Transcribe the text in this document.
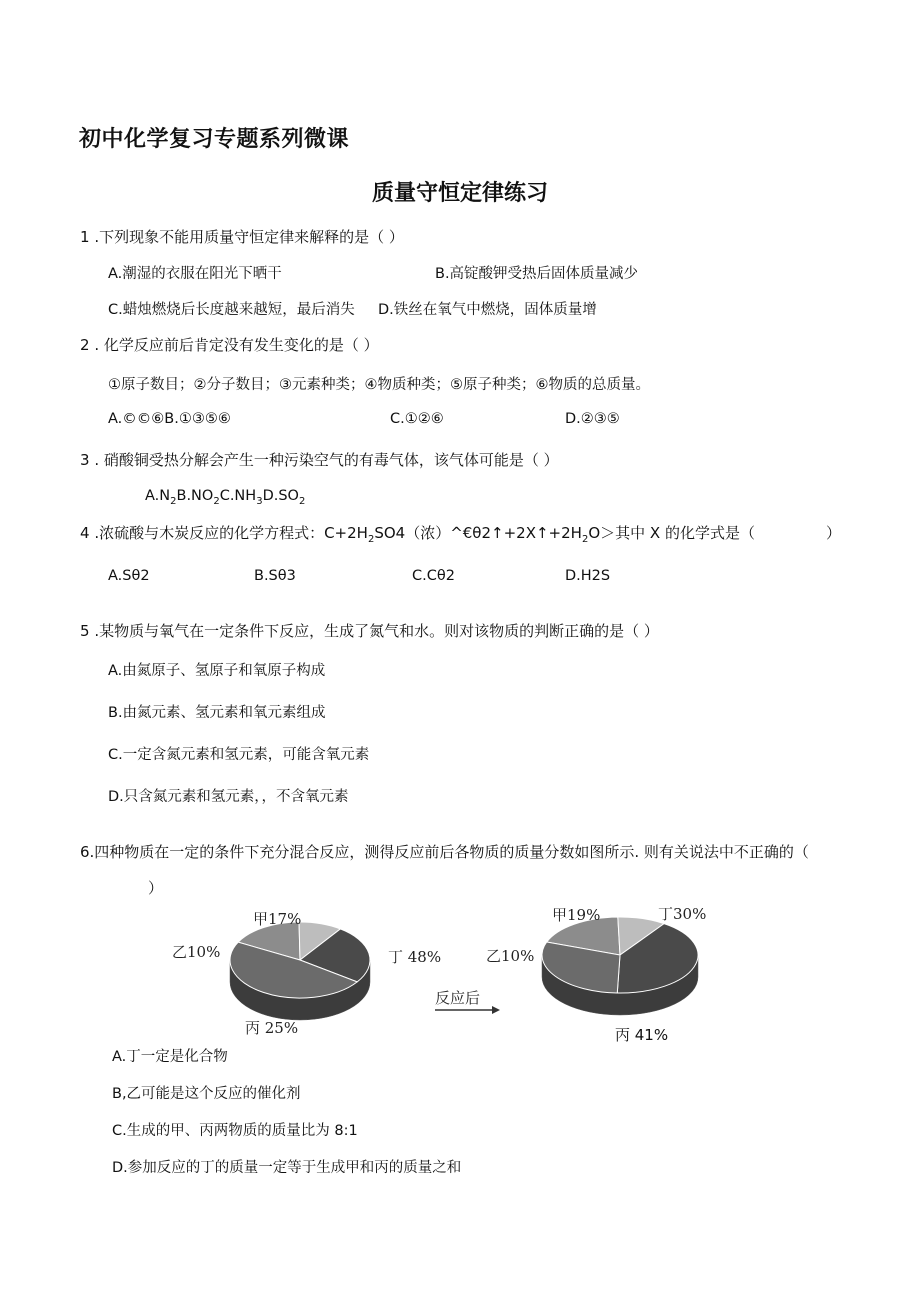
初中化学复习专题系列微课
质量守恒定律练习
1 .下列现象不能用质量守恒定律来解释的是（ ）
A.潮湿的衣服在阳光下晒干	B.高锭酸钾受热后固体质量减少
C.蜡烛燃烧后长度越来越短，最后消失 D.铁丝在氧气中燃烧，固体质量增
2 . 化学反应前后肯定没有发生变化的是（ ）
①原子数目；②分子数目；③元素种类；④物质种类；⑤原子种类；⑥物质的总质量。
A.©©⑥B.①③⑤⑥	C.①②⑥	D.②③⑤
3 . 硝酸铜受热分解会产生一种污染空气的有毒气体，该气体可能是（ ）
$A.N_2B.NO_2C.NH_3D.SO_2$
4 .浓硫酸与木炭反应的化学方程式：$C+2H_2SO4$（浓）$\^{}€\theta 2↑+2X↑+2H_2O>$其中 X 的化学式是（	）
A.Sθ2	B.Sθ3	C.Cθ2	D.H2S
5 .某物质与氧气在一定条件下反应，生成了氮气和水。则对该物质的判断正确的是（ ）
A.由氮原子、氢原子和氧原子构成
B.由氮元素、氢元素和氧元素组成
C.一定含氮元素和氢元素，可能含氧元素
D.只含氮元素和氢元素，，不含氧元素
6.四种物质在一定的条件下充分混合反应，测得反应前后各物质的质量分数如图所示. 则有关说法中不正确的（
）
甲17%
乙10%	丁 48%
丙 25%
反应后
甲19%	丁30%
乙10%
丙 41%
A.丁一定是化合物
B,乙可能是这个反应的催化剂
C.生成的甲、丙两物质的质量比为 8:1
D.参加反应的丁的质量一定等于生成甲和丙的质量之和
